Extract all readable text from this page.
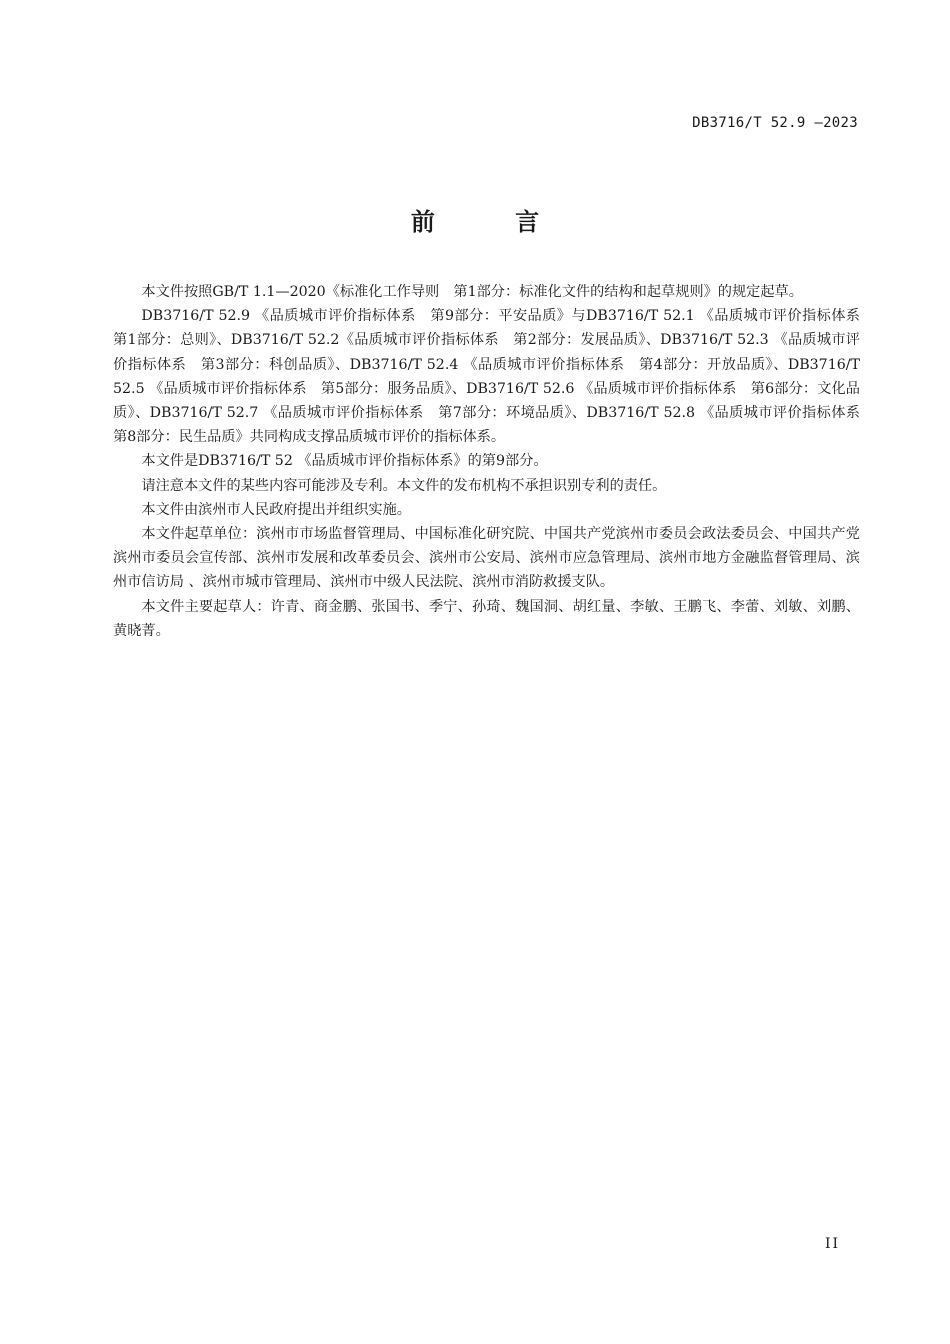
DB3716/T 52.9 —2023
前 言

本文件按照GB/T 1.1—2020《标准化工作导则　第1部分：标准化文件的结构和起草规则》的规定起草。

DB3716/T 52.9 《品质城市评价指标体系　第9部分：平安品质》与DB3716/T 52.1 《品质城市评价指标体系　第1部分：总则》、DB3716/T 52.2《品质城市评价指标体系　第2部分：发展品质》、DB3716/T 52.3 《品质城市评价指标体系　第3部分：科创品质》、DB3716/T 52.4 《品质城市评价指标体系　第4部分：开放品质》、DB3716/T 52.5 《品质城市评价指标体系　第5部分：服务品质》、DB3716/T 52.6 《品质城市评价指标体系　第6部分：文化品质》、DB3716/T 52.7 《品质城市评价指标体系　第7部分：环境品质》、DB3716/T 52.8 《品质城市评价指标体系　第8部分：民生品质》共同构成支撑品质城市评价的指标体系。

本文件是DB3716/T 52 《品质城市评价指标体系》的第9部分。

请注意本文件的某些内容可能涉及专利。本文件的发布机构不承担识别专利的责任。

本文件由滨州市人民政府提出并组织实施。

本文件起草单位：滨州市市场监督管理局、中国标准化研究院、中国共产党滨州市委员会政法委员会、中国共产党滨州市委员会宣传部、滨州市发展和改革委员会、滨州市公安局、滨州市应急管理局、滨州市地方金融监督管理局、滨州市信访局 、滨州市城市管理局、滨州市中级人民法院、滨州市消防救援支队。

本文件主要起草人：许青、商金鹏、张国书、季宁、孙琦、魏国洞、胡红量、李敏、王鹏飞、李蕾、刘敏、刘鹏、黄晓菁。

II
